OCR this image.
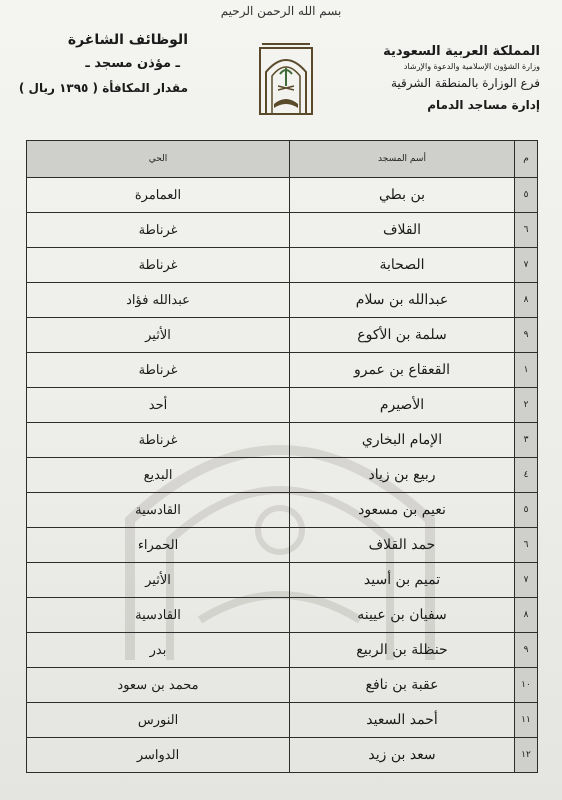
بسم الله الرحمن الرحيم
المملكة العربية السعودية
وزارة الشؤون الإسلامية والدعوة والإرشاد
فرع الوزارة بالمنطقة الشرقية
إدارة مساجد الدمام
الوظائف الشاغرة
ـ مؤذن مسجد ـ
مقدار المكافأة ( ١٣٩٥ ريال )
م	أسم المسجد	الحي
٥	بن بطي	العمامرة

٦	القلاف	غرناطة

٧	الصحابة	غرناطة

٨	عبدالله بن سلام	عبدالله فؤاد

٩	سلمة بن الأكوع	الأثير

١	القعقاع بن عمرو	غرناطة

٢	الأصيرم	أحد

٣	الإمام البخاري	غرناطة

٤	ربيع بن زياد	البديع

٥	نعيم بن مسعود	القادسية

٦	حمد القلاف	الحمراء

٧	تميم بن أسيد	الأثير

٨	سفيان بن عيينه	القادسية

٩	حنظلة بن الربيع	بدر

١٠	عقبة بن نافع	محمد بن سعود

١١	أحمد السعيد	النورس

١٢	سعد بن زيد	الدواسر
